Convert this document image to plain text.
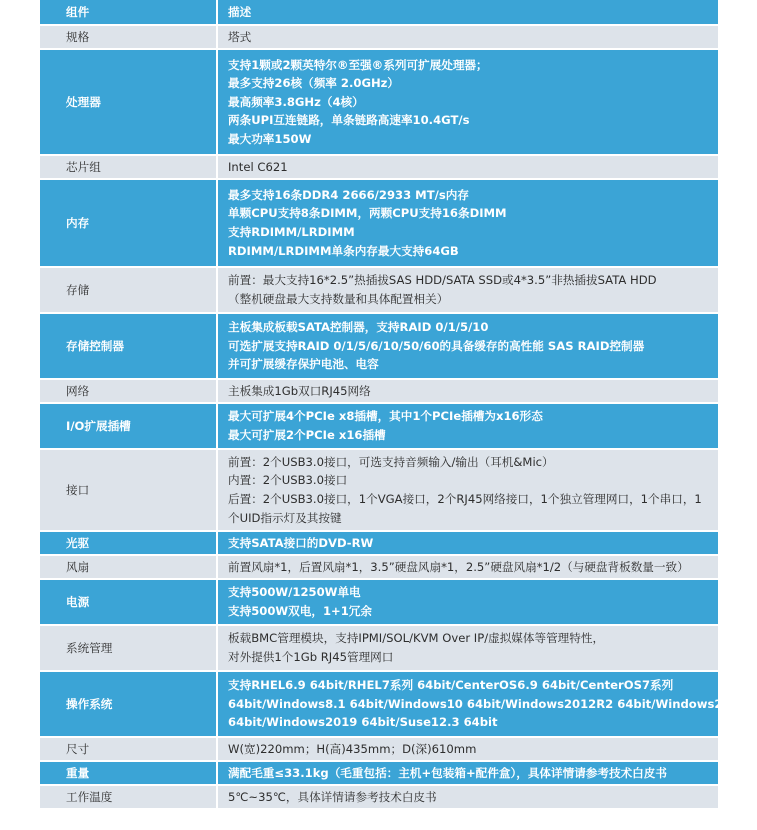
组件	描述
规格	塔式

处理器	支持1颗或2颗英特尔®至强®系列可扩展处理器；
最多支持26核（频率 2.0GHz）
最高频率3.8GHz（4核）
两条UPI互连链路，单条链路高速率10.4GT/s
最大功率150W

芯片组	Intel C621

内存	最多支持16条DDR4 2666/2933 MT/s内存
单颗CPU支持8条DIMM，两颗CPU支持16条DIMM
支持RDIMM/LRDIMM
RDIMM/LRDIMM单条内存最大支持64GB

存储	前置：最大支持16*2.5”热插拔SAS HDD/SATA SSD或4*3.5”非热插拔SATA HDD
（整机硬盘最大支持数量和具体配置相关）

存储控制器	主板集成板载SATA控制器，支持RAID 0/1/5/10
可选扩展支持RAID 0/1/5/6/10/50/60的具备缓存的高性能 SAS RAID控制器
并可扩展缓存保护电池、电容

网络	主板集成1Gb双口RJ45网络

I/O扩展插槽	最大可扩展4个PCIe x8插槽，其中1个PCIe插槽为x16形态
最大可扩展2个PCIe x16插槽

接口	前置：2个USB3.0接口，可选支持音频输入/输出（耳机&Mic）
内置：2个USB3.0接口
后置：2个USB3.0接口，1个VGA接口，2个RJ45网络接口，1个独立管理网口，1个串口，1个UID指示灯及其按键

光驱	支持SATA接口的DVD-RW

风扇	前置风扇*1，后置风扇*1，3.5”硬盘风扇*1，2.5”硬盘风扇*1/2（与硬盘背板数量一致）

电源	支持500W/1250W单电
支持500W双电，1+1冗余

系统管理	板载BMC管理模块，支持IPMI/SOL/KVM Over IP/虚拟媒体等管理特性，
对外提供1个1Gb RJ45管理网口

操作系统	支持RHEL6.9 64bit/RHEL7系列 64bit/CenterOS6.9 64bit/CenterOS7系列
64bit/Windows8.1 64bit/Windows10 64bit/Windows2012R2 64bit/Windows2016
64bit/Windows2019 64bit/Suse12.3 64bit

尺寸	W(宽)220mm；H(高)435mm；D(深)610mm

重量	满配毛重≤33.1kg（毛重包括：主机+包装箱+配件盒），具体详情请参考技术白皮书

工作温度	5℃~35℃，具体详情请参考技术白皮书
